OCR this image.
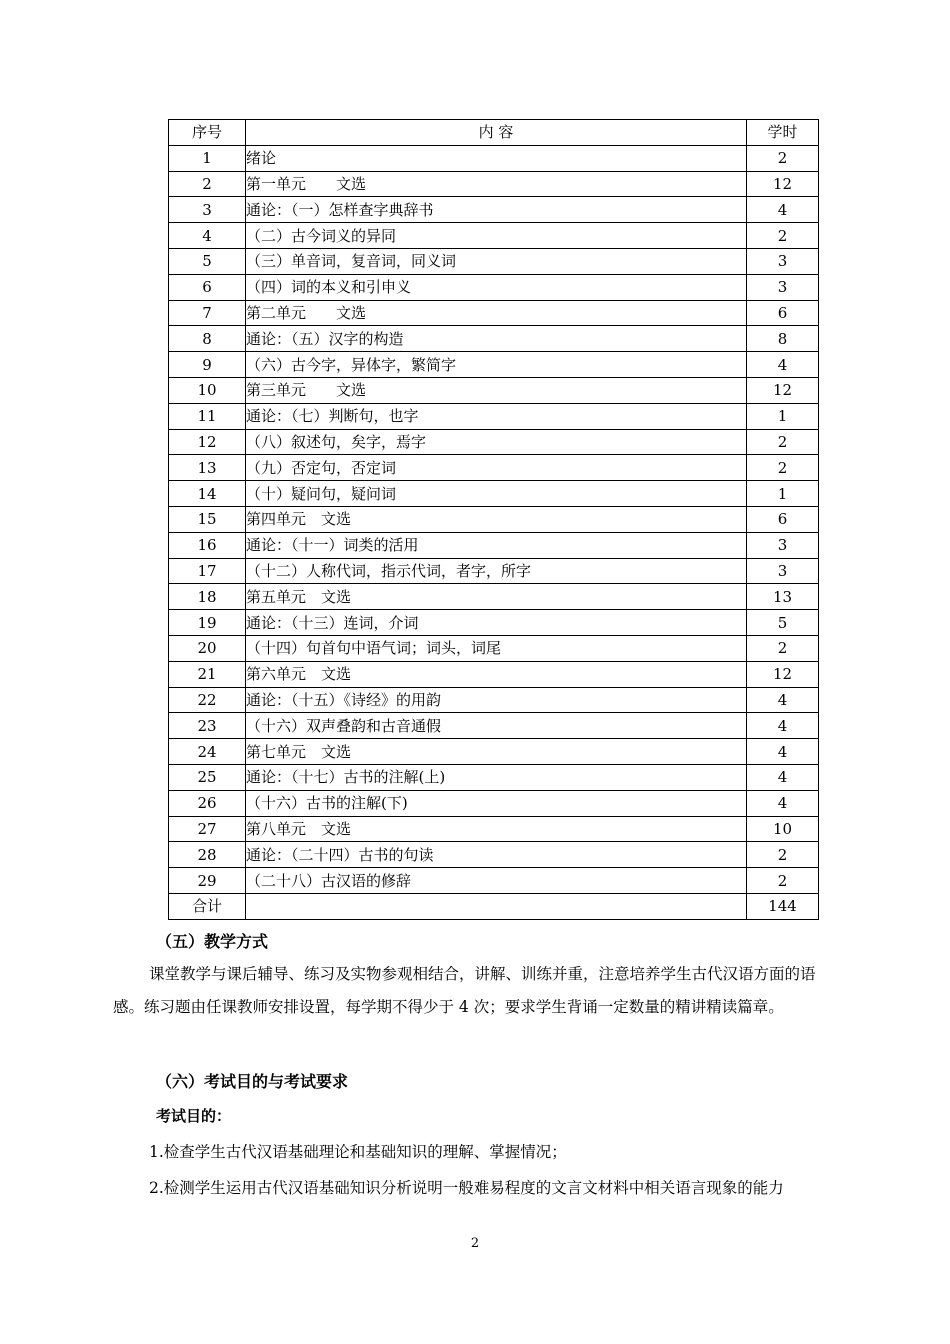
序号	内 容	学时
1	绪论	2
2	第一单元　　文选	12
3	通论：（一）怎样查字典辞书	4
4	（二）古今词义的异同	2
5	（三）单音词，复音词，同义词	3
6	（四）词的本义和引申义	3
7	第二单元　　文选	6
8	通论：（五）汉字的构造	8
9	（六）古今字，异体字，繁简字	4
10	第三单元　　文选	12
11	通论：（七）判断句，也字	1
12	（八）叙述句，矣字，焉字	2
13	（九）否定句，否定词	2
14	（十）疑问句，疑问词	1
15	第四单元　文选	6
16	通论：（十一）词类的活用	3
17	（十二）人称代词，指示代词，者字，所字	3
18	第五单元　文选	13
19	通论：（十三）连词，介词	5
20	（十四）句首句中语气词；词头，词尾	2
21	第六单元　文选	12
22	通论：（十五）《诗经》的用韵	4
23	（十六）双声叠韵和古音通假	4
24	第七单元　文选	4
25	通论：（十七）古书的注解(上)	4
26	（十六）古书的注解(下)	4
27	第八单元　文选	10
28	通论：（二十四）古书的句读	2
29	（二十八）古汉语的修辞	2
合计		144
（五）教学方式

课堂教学与课后辅导、练习及实物参观相结合，讲解、训练并重，注意培养学生古代汉语方面的语感。练习题由任课教师安排设置，每学期不得少于 4 次；要求学生背诵一定数量的精讲精读篇章。

（六）考试目的与考试要求
考试目的：

1.检查学生古代汉语基础理论和基础知识的理解、掌握情况；

2.检测学生运用古代汉语基础知识分析说明一般难易程度的文言文材料中相关语言现象的能力

2
